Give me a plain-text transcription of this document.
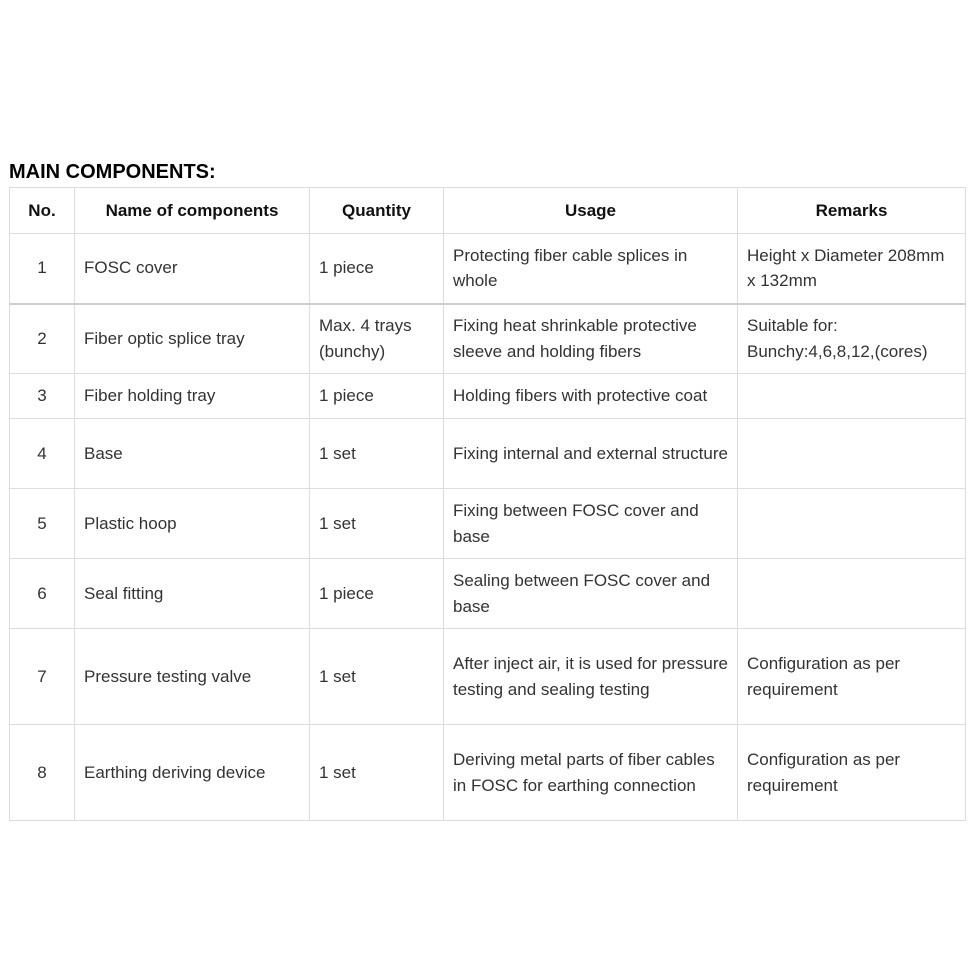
MAIN COMPONENTS:
No.	Name of components	Quantity	Usage	Remarks
1	FOSC cover	1 piece	Protecting fiber cable splices in whole	Height x Diameter 208mm x 132mm
2	Fiber optic splice tray	Max. 4 trays (bunchy)	Fixing heat shrinkable protective sleeve and holding fibers	Suitable for: Bunchy:4,6,8,12,(cores)
3	Fiber holding tray	1 piece	Holding fibers with protective coat	
4	Base	1 set	Fixing internal and external structure	
5	Plastic hoop	1 set	Fixing between FOSC cover and base	
6	Seal fitting	1 piece	Sealing between FOSC cover and base	
7	Pressure testing valve	1 set	After inject air, it is used for pressure testing and sealing testing	Configuration as per requirement
8	Earthing deriving device	1 set	Deriving metal parts of fiber cables in FOSC for earthing connection	Configuration as per requirement
